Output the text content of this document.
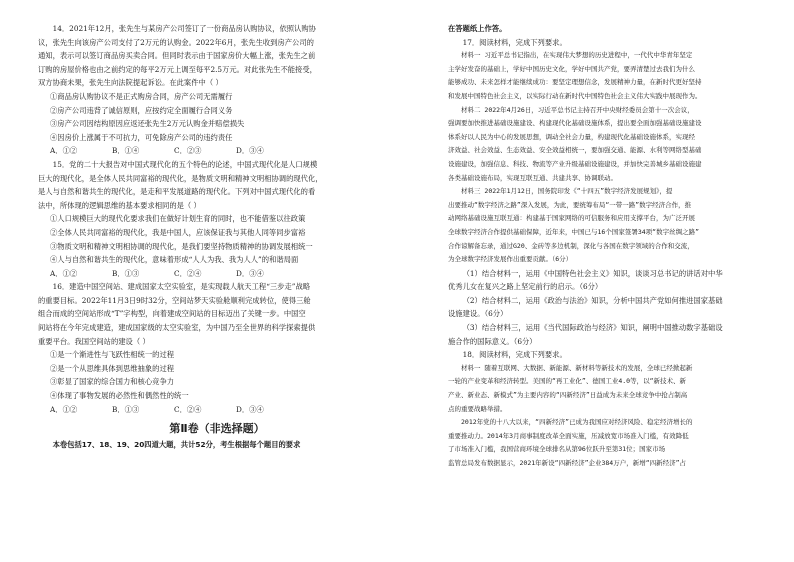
14．2021年12月，张先生与某房产公司签订了一份商品房认购协议，依照认购协

议，张先生向该房产公司支付了2万元的认购金。2022年6月，张先生收到房产公司的

通知，表示可以签订商品房买卖合同。但同时表示由于国家房价大幅上涨，张先生之前

订购的房屋价格也由之前约定的每平2万元上调至每平2.5万元。对此张先生不能接受，

双方协商未果，张先生向法院提起诉讼。在此案件中（ ）

①商品房认购协议不是正式购房合同，房产公司无需履行

②房产公司违背了诚信原则，应按约定全面履行合同义务

③房产公司因结构原因应返还张先生2万元认购金并赔偿损失

④因房价上涨属于不可抗力，可免除房产公司的违约责任

A．①②	B．①④	C．②③	D．③④

15．党的二十大报告对中国式现代化的五个特色的论述，中国式现代化是人口规模

巨大的现代化，是全体人民共同富裕的现代化，是物质文明和精神文明相协调的现代化，

是人与自然和谐共生的现代化，是走和平发展道路的现代化。下列对中国式现代化的看

法中，所体现的逻辑思维的基本要求相同的是（ ）

①人口规模巨大的现代化要求我们在做好计划生育的同时，也不能借鉴以往政策

②全体人民共同富裕的现代化，我是中国人，应该保证我与其他人同等同步富裕

③物质文明和精神文明相协调的现代化，是我们要坚持物质精神的协调发展相统一

④人与自然和谐共生的现代化，意味着形成“人人为我、我为人人”的和谐局面

A．①②	B．①③	C．②④	D．③④

16．建造中国空间站、建成国家太空实验室，是实现载人航天工程“三步走”战略

的重要目标。2022年11月3日9时32分，空间站梦天实验舱顺利完成转位，使得三舱

组合而成的空间站形成“T”字构型，向着建成空间站的目标迈出了关键一步。中国空

间站将在今年完成建造，建成国家级的太空实验室，为中国乃至全世界的科学探索提供

重要平台。我国空间站的建设（ ）

①是一个渐进性与飞跃性相统一的过程

②是一个从思维具体到思维抽象的过程

③彰显了国家的综合国力和核心竞争力

④体现了事物发展的必然性和偶然性的统一

A．①②	B．①③	C．②④	D．③④
第Ⅱ卷（非选择题）

本卷包括17、18、19、20四道大题，共计52分，考生根据每个题目的要求

在答题纸上作答。

17．阅读材料，完成下列要求。

材料一 习近平总书记指出，在实现伟大梦想的历史进程中，一代代中华青年坚定

主学好发奋的基础上，学好中国历史文化，学好中国共产党，要弄清楚过去我们为什么

能够成功、未来怎样才能继续成功：要坚定理想信念，发展精神力量，在新时代更好坚持

和发展中国特色社会主义，以实际行动在新时代中国特色社会主义伟大实践中展现作为。

材料二 2022年4月26日，习近平总书记主持召开中央财经委员会第十一次会议，

强调要加快推进基础设施建设、构建现代化基础设施体系，提出要全面加强基础设施建设

体系好以人民为中心的发展思想，调动全社会力量，构建现代化基础设施体系，实现经

济效益、社会效益、生态效益、安全效益相统一，要加强交通、能源、水利等网络型基础

设施建设，加强信息、科技、物流等产业升级基础设施建设，并加快完善城乡基础设施建

各类基础设施布局，实现互联互通、共建共享、协调联动。

材料三 2022年1月12日，国务院印发《“十四五”数字经济发展规划》，提

出要推动“数字经济之路”深入发展，为此，要统筹布局“一带一路”数字经济合作，推

动网络基础设施互联互通：构建基于国家网络的可信服务和应用支撑平台，为广泛开展

全球数字经济合作提供基础保障，近年来，中国已与16个国家签署34项“数字丝绸之路”

合作谅解备忘录，通过G20、金砖等多边机制，深化与各国在数字领域的合作和交流，

为全球数字经济发展作出重要贡献。（6分）

（1）结合材料一，运用《中国特色社会主义》知识，谈谈习总书记的讲话对中华

优秀儿女在复兴之路上坚定前行的启示。（6分）

（2）结合材料二，运用《政治与法治》知识，分析中国共产党如何推进国家基础

设施建设。（6分）

（3）结合材料三，运用《当代国际政治与经济》知识，阐明中国推动数字基础设

施合作的国际意义。（6分）

18．阅读材料，完成下列要求。

材料一 随着互联网、大数据、新能源、新材料等新技术的发展，全球已经掀起新

一轮的产业变革和经济转型。美国的“再工业化”、德国工业4.0等，以“新技术、新

产业、新业态、新模式”为主要内容的“四新经济”日益成为未来全球竞争中抢占制高

点的重要战略举措。

2012年党的十八大以来，“四新经济”已成为我国应对经济风险、稳定经济增长的

重要推动力。2014年3月商事制度改革全面实施，压减放宽市场准入门槛，有效降低

了市场准入门槛，我国营商环境全球排名从第96位跃升至第31位；国家市场

监管总局发布数据显示，2021年新设“四新经济”企业384万户，新增“四新经济”占
